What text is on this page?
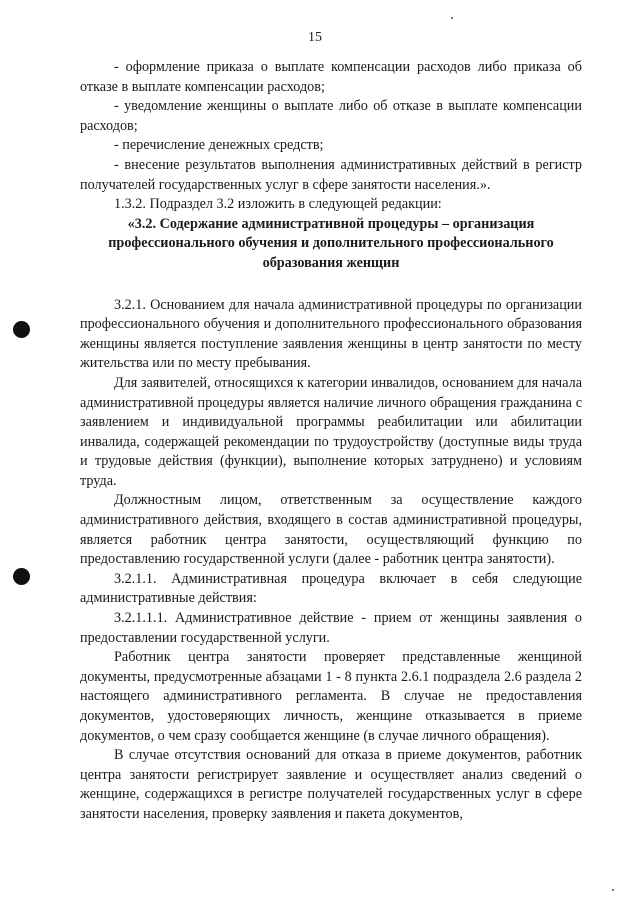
15

- оформление приказа о выплате компенсации расходов либо приказа об отказе в выплате компенсации расходов;

- уведомление женщины о выплате либо об отказе в выплате компенсации расходов;

- перечисление денежных средств;

- внесение результатов выполнения административных действий в регистр получателей государственных услуг в сфере занятости населения.».

1.3.2. Подраздел 3.2 изложить в следующей редакции:

«3.2. Содержание административной процедуры – организация профессионального обучения и дополнительного профессионального образования женщин

3.2.1. Основанием для начала административной процедуры по организации профессионального обучения и дополнительного профессионального образования женщины является поступление заявления женщины в центр занятости по месту жительства или по месту пребывания.

Для заявителей, относящихся к категории инвалидов, основанием для начала административной процедуры является наличие личного обращения гражданина с заявлением и индивидуальной программы реабилитации или абилитации инвалида, содержащей рекомендации по трудоустройству (доступные виды труда и трудовые действия (функции), выполнение которых затруднено) и условиям труда.

Должностным лицом, ответственным за осуществление каждого административного действия, входящего в состав административной процедуры, является работник центра занятости, осуществляющий функцию по предоставлению государственной услуги (далее - работник центра занятости).

3.2.1.1. Административная процедура включает в себя следующие административные действия:

3.2.1.1.1. Административное действие - прием от женщины заявления о предоставлении государственной услуги.

Работник центра занятости проверяет представленные женщиной документы, предусмотренные абзацами 1 - 8 пункта 2.6.1 подраздела 2.6 раздела 2 настоящего административного регламента. В случае не предоставления документов, удостоверяющих личность, женщине отказывается в приеме документов, о чем сразу сообщается женщине (в случае личного обращения).

В случае отсутствия оснований для отказа в приеме документов, работник центра занятости регистрирует заявление и осуществляет анализ сведений о женщине, содержащихся в регистре получателей государственных услуг в сфере занятости населения, проверку заявления и пакета документов,
